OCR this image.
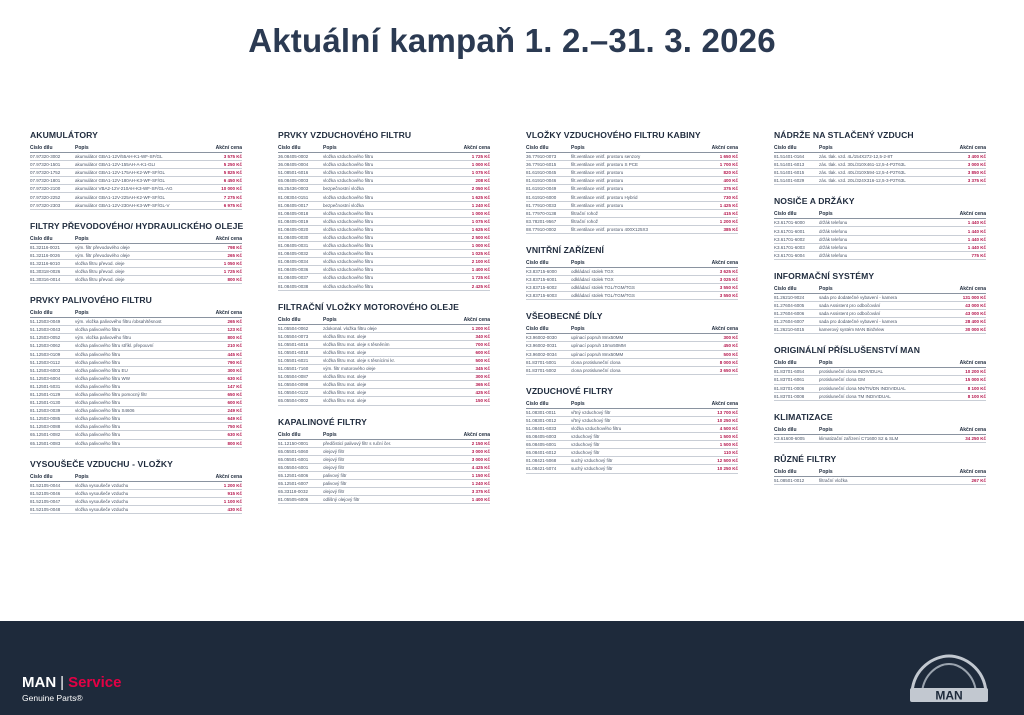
Aktuální kampaň 1. 2.–31. 3. 2026
AKUMULÁTORY
Číslo dílu	Popis	Akční cena
07.97320-3002	akumulátor GBA1-12V/55AH-K1-WF-SF/GL	3 575 Kč
07.97320-1501	akumulátor GBA1-12V-155AH-A-K1-GLI	5 250 Kč
07.97320-1752	akumulátor GBA1-12V-175AH-K2-WF-SF/GL	5 825 Kč
07.97320-1801	akumulátor GBA1-12V-180AH-K3-WF-SF/GL	6 450 Kč
07.97320-2100	akumulátor VBA2-12V-210AH-K3-WF-SF/GL-AG	10 000 Kč
07.97320-2252	akumulátor GBA1-12V-225AH-K2-WF-SF/GL	7 275 Kč
07.97320-2303	akumulátor GBA1-12V-230AH-K3-WF-SF/GL-V	6 975 Kč
FILTRY PŘEVODOVÉHO/ HYDRAULICKÉHO OLEJE
Číslo dílu	Popis	Akční cena
81.32116-0021	vým. filtr převodového oleje	798 Kč
81.32116-0026	vým. filtr převodového oleje	265 Kč
81.32116-6010	vložka filtru převod. oleje	1 050 Kč
81.30318-0026	vložka filtru převod. oleje	1 725 Kč
81.30316-0014	vložka filtru převod. oleje	800 Kč
PRVKY PALIVOVÉHO FILTRU
Číslo dílu	Popis	Akční cena
51.12503-0049	vým. vložka palivového filtru /obsah/těsnost	265 Kč
51.12503-0043	vložka palivového filtru	123 Kč
51.12503-0052	vým. vložka palivového filtru	800 Kč
51.12503-0062	vložka palivového filtru stříkl. přepouvní	210 Kč
51.12503-0109	vložka palivového filtru	445 Kč
51.12503-0112	vložka palivového filtru	790 Kč
51.12503-6003	vložka palivového filtru EU	300 Kč
51.12503-6004	vložka palivového filtru WW	630 Kč
81.12501-5031	vložka palivového filtru	147 Kč
81.12501-0129	vložka palivového filtru pomocný filtr	650 Kč
81.12501-0130	vložka palivového filtru	600 Kč
81.12503-0039	vložka palivového filtru S4606	249 Kč
51.12503-0085	vložka palivového filtru	649 Kč
51.12503-0088	vložka palivového filtru	750 Kč
65.12501-0082	vložka palivového filtru	630 Kč
65.12501-0083	vložka palivového filtru	800 Kč
VYSOUŠEČE VZDUCHU - VLOŽKY
Číslo dílu	Popis	Akční cena
81.52105-0044	vložka vysoušeče vzduchu	1 200 Kč
81.52105-0046	vložka vysoušeče vzduchu	915 Kč
81.52105-0047	vložka vysoušeče vzduchu	1 100 Kč
81.52105-0048	vložka vysoušeče vzduchu	430 Kč
PRVKY VZDUCHOVÉHO FILTRU
Číslo dílu	Popis	Akční cena
36.08405-0002	vložka vzduchového filtru	1 725 Kč
36.08405-0004	vložka vzduchového filtru	1 000 Kč
51.08501-6016	vložka vzduchového filtru	1 075 Kč
65.08405-0003	vložka vzduchového filtru	208 Kč
65.25436-0003	bezpečnostní vložka	2 050 Kč
81.08304-0151	vložka vzduchového filtru	1 625 Kč
81.08405-0017	bezpečnostní vložka	1 240 Kč
81.08405-0018	vložka vzduchového filtru	1 000 Kč
81.08405-0019	vložka vzduchového filtru	1 075 Kč
81.08405-0020	vložka vzduchového filtru	1 625 Kč
81.08405-0030	vložka vzduchového filtru	2 500 Kč
81.08405-0031	vložka vzduchového filtru	1 000 Kč
81.08405-0032	vložka vzduchového filtru	1 025 Kč
81.08405-0034	vložka vzduchového filtru	2 100 Kč
81.08405-0036	vložka vzduchového filtru	1 400 Kč
81.08405-0037	vložka vzduchového filtru	1 725 Kč
81.08405-0038	vložka vzduchového filtru	2 425 Kč
FILTRAČNÍ VLOŽKY MOTOROVÉHO OLEJE
Číslo dílu	Popis	Akční cena
51.05504-0062	zdokonal. vložka filtru oleje	1 200 Kč
51.05504-0073	vložka filtru mot. oleje	340 Kč
51.05501-6016	vložka filtru mot. oleje s těsněním	700 Kč
51.05501-6018	vložka filtru mot. oleje	600 Kč
51.05501-6021	vložka filtru mot. oleje s těsnícími kr.	500 Kč
51.05501-7160	vým. filtr motorového oleje	345 Kč
51.05504-0087	vložka filtru mot. oleje	300 Kč
51.05504-0098	vložka filtru mot. oleje	365 Kč
51.05504-0122	vložka filtru mot. oleje	425 Kč
65.05504-0002	vložka filtru mot. oleje	150 Kč
KAPALINOVÉ FILTRY
Číslo dílu	Popis	Akční cena
51.12150-0001	předčisticí palivový filtr s ruční čer.	2 150 Kč
65.05501-5060	olejový filtr	3 000 Kč
65.05501-6001	olejový filtr	3 000 Kč
65.05504-6001	olejový filtr	4 425 Kč
65.12501-6006	palivový filtr	1 150 Kč
65.12501-6007	palivový filtr	1 240 Kč
65.33118-0032	olejový filtr	3 375 Kč
81.05505-6006	odlišný olejový filtr	1 400 Kč
VLOŽKY VZDUCHOVÉHO FILTRU KABINY
Číslo dílu	Popis	Akční cena
36.77910-0073	filt.ventilace vnitř. prostoru senzory	1 650 Kč
36.77910-6015	filt.ventilace vnitř. prostoru S PCE	1 700 Kč
81.61910-0045	filt.ventilace vnitř. prostoru	820 Kč
81.61910-0046	filt.ventilace vnitř. prostoru	400 Kč
81.61910-0049	filt.ventilace vnitř. prostoru	375 Kč
81.61910-6000	filt.ventilace vnitř. prostoru Hybrid	730 Kč
81.77910-0033	filt.ventilace vnitř. prostoru	1 425 Kč
81.77970-0138	filtrační rohož	415 Kč
83.78201-9567	filtrační rohož	1 200 Kč
88.77910-0002	filt.ventilace vnitř. prostoru 400X125X3	385 Kč
VNITŘNÍ ZAŘÍZENÍ
Číslo dílu	Popis	Akční cena
K3.83715-6000	odkládací stolek TGX	3 625 Kč
K3.83715-6001	odkládací stolek TGX	3 025 Kč
K3.83715-6002	odkládací stolek TGL/TGM/TGS	3 550 Kč
K3.83715-6003	odkládací stolek TGL/TGM/TGS	3 550 Kč
VŠEOBECNÉ DÍLY
Číslo dílu	Popis	Akční cena
K3.96002-0030	upínací popruh 8mx50MM	300 Kč
K3.96002-0031	upínací popruh 10mx50MM	450 Kč
K3.96002-0034	upínací popruh 8mx50MM	500 Kč
81.83701-5001	clona protisluneční clona	8 000 Kč
81.83701-5002	clona protisluneční clona	3 650 Kč
VZDUCHOVÉ FILTRY
Číslo dílu	Popis	Akční cena
51.08301-0011	vřtný vzduchový filtr	13 700 Kč
51.08301-0012	vřtný vzduchový filtr	10 250 Kč
51.08401-6033	vložka vzduchového filtru	4 500 Kč
65.08405-6003	vzduchový filtr	1 500 Kč
65.08405-6001	vzduchový filtr	1 500 Kč
65.08401-6012	vzduchový filtr	110 Kč
81.08421-5068	suchý vzduchový filtr	12 500 Kč
81.08421-5074	suchý vzduchový filtr	10 250 Kč
NÁDRŽE NA STLAČENÝ VZDUCH
Číslo dílu	Popis	Akční cena
81.51401-0164	zás. tlak. vzd. 4L/154X272-12,5-2-8T	3 400 Kč
81.51401-6013	zás. tlak. vzd. 30L/310X461-12,5-4-P2T63L	3 000 Kč
81.51401-6015	zás. tlak. vzd. 40L/310X594-12,5-4-P2T63L	3 850 Kč
81.51401-6029	zás. tlak. vzd. 20L/324X316-12,5-3-P2T63L	3 375 Kč
NOSIČE A DRŽÁKY
Číslo dílu	Popis	Akční cena
K3.61701-6000	držák telefonu	1 440 Kč
K3.61701-6001	držák telefonu	1 440 Kč
K3.61701-6002	držák telefonu	1 440 Kč
K3.61701-6003	držák telefonu	1 440 Kč
K3.61701-6004	držák telefonu	775 Kč
INFORMAČNÍ SYSTÉMY
Číslo dílu	Popis	Akční cena
81.26210-9024	sada pro dodatečné vybavení - kamera	131 000 Kč
81.27604-6005	sada Assistent pro odbočování	43 000 Kč
81.27604-6006	sada Assistent pro odbočování	43 000 Kč
81.27604-6007	sada pro dodatečné vybavení - kamera	28 400 Kč
81.26210-6015	kamerový systém MAN BirdView	30 000 Kč
ORIGINÁLNÍ PŘÍSLUŠENSTVÍ MAN
Číslo dílu	Popis	Akční cena
81.83701-6054	protisluneční clona INDIVIDUAL	10 200 Kč
81.83701-6061	protisluneční clona GM	15 000 Kč
81.83701-0006	protisluneční clona NN/TN/DN INDIVIDUAL	8 100 Kč
81.83701-0008	protisluneční clona TM INDIVIDUAL	8 100 Kč
KLIMATIZACE
Číslo dílu	Popis	Akční cena
K3.61600-6005	klimatizační zařízení C71600 S2 & SLM	34 250 Kč
RŮZNÉ FILTRY
Číslo dílu	Popis	Akční cena
51.08501-0012	filtrační vložka	267 Kč
MAN | Service
Genuine Parts®	MAN
